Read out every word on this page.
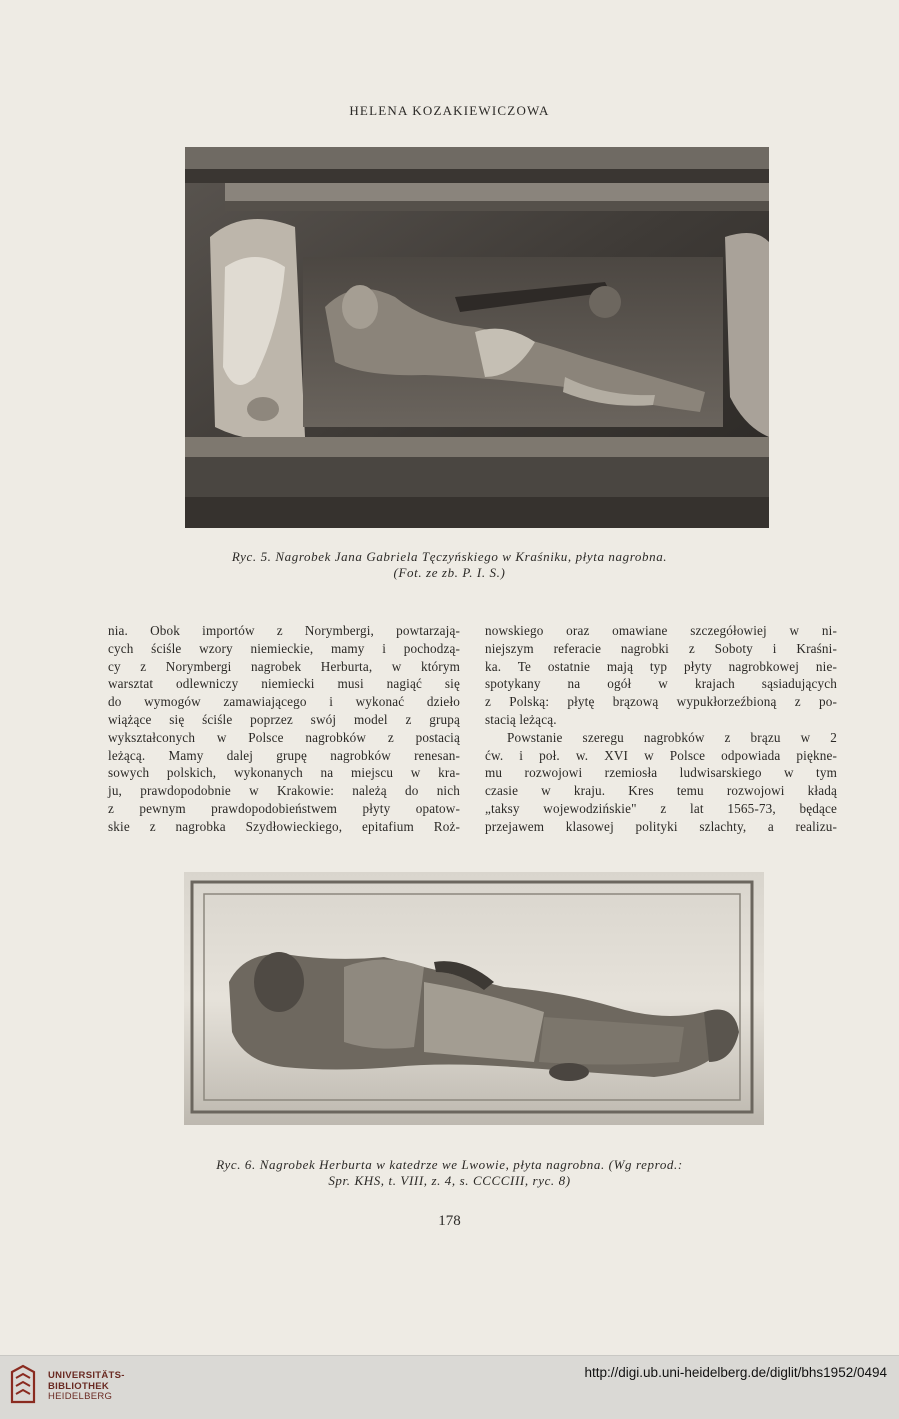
HELENA KOZAKIEWICZOWA
Ryc. 5. Nagrobek Jana Gabriela Tęczyńskiego w Kraśniku, płyta nagrobna.
(Fot. ze zb. P. I. S.)
nia. Obok importów z Norymbergi, powtarzają-
cych ściśle wzory niemieckie, mamy i pochodzą-
cy z Norymbergi nagrobek Herburta, w którym
warsztat odlewniczy niemiecki musi nagiąć się
do wymogów zamawiającego i wykonać dzieło
wiążące się ściśle poprzez swój model z grupą
wykształconych w Polsce nagrobków z postacią
leżącą. Mamy dalej grupę nagrobków renesan-
sowych polskich, wykonanych na miejscu w kra-
ju, prawdopodobnie w Krakowie: należą do nich
z pewnym prawdopodobieństwem płyty opatow-
skie z nagrobka Szydłowieckiego, epitafium Roż-
nowskiego oraz omawiane szczegółowiej w ni-
niejszym referacie nagrobki z Soboty i Kraśni-
ka. Te ostatnie mają typ płyty nagrobkowej nie-
spotykany na ogół w krajach sąsiadujących
z Polską: płytę brązową wypukłorzeźbioną z po-
stacią leżącą.
Powstanie szeregu nagrobków z brązu w 2
ćw. i poł. w. XVI w Polsce odpowiada piękne-
mu rozwojowi rzemiosła ludwisarskiego w tym
czasie w kraju. Kres temu rozwojowi kładą
„taksy wojewodzińskie" z lat 1565-73, będące
przejawem klasowej polityki szlachty, a realizu-
Ryc. 6. Nagrobek Herburta w katedrze we Lwowie, płyta nagrobna. (Wg reprod.:
Spr. KHS, t. VIII, z. 4, s. CCCCIII, ryc. 8)
178
UNIVERSITÄTS-
BIBLIOTHEK
HEIDELBERG
http://digi.ub.uni-heidelberg.de/diglit/bhs1952/0494
